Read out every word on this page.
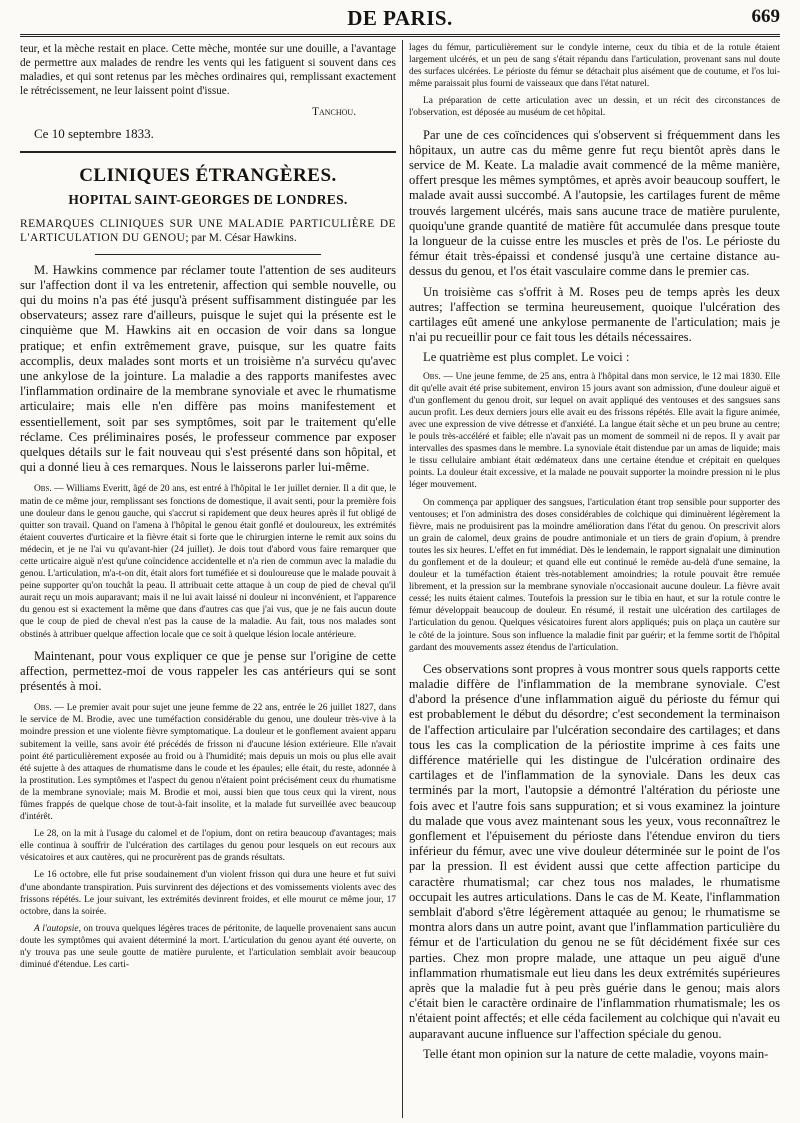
DE PARIS.	669

teur, et la mèche restait en place. Cette mèche, montée sur une douille, a l'avantage de permettre aux malades de rendre les vents qui les fatiguent si souvent dans ces maladies, et qui sont retenus par les mèches ordinaires qui, remplissant exactement le rétrécissement, ne leur laissent point d'issue.

Tanchou.
Ce 10 septembre 1833.
CLINIQUES ÉTRANGÈRES.
HOPITAL SAINT-GEORGES DE LONDRES.

REMARQUES CLINIQUES SUR UNE MALADIE PARTICULIÈRE DE L'ARTICULATION DU GENOU; par M. César Hawkins.

M. Hawkins commence par réclamer toute l'attention de ses auditeurs sur l'affection dont il va les entretenir, affection qui semble nouvelle, ou qui du moins n'a pas été jusqu'à présent suffisamment distinguée par les observateurs; assez rare d'ailleurs, puisque le sujet qui la présente est le cinquième que M. Hawkins ait en occasion de voir dans sa longue pratique; et enfin extrêmement grave, puisque, sur les quatre faits accomplis, deux malades sont morts et un troisième n'a survécu qu'avec une ankylose de la jointure. La maladie a des rapports manifestes avec l'inflammation ordinaire de la membrane synoviale et avec le rhumatisme articulaire; mais elle n'en diffère pas moins manifestement et essentiellement, soit par ses symptômes, soit par le traitement qu'elle réclame. Ces préliminaires posés, le professeur commence par exposer quelques détails sur le fait nouveau qui s'est présenté dans son hôpital, et qui a donné lieu à ces remarques. Nous le laisserons parler lui-même.

Obs. — Williams Everitt, âgé de 20 ans, est entré à l'hôpital le 1er juillet dernier. Il a dit que, le matin de ce même jour, remplissant ses fonctions de domestique, il avait senti, pour la première fois une douleur dans le genou gauche, qui s'accrut si rapidement que deux heures après il fut obligé de quitter son travail. Quand on l'amena à l'hôpital le genou était gonflé et douloureux, les extrémités étaient couvertes d'urticaire et la fièvre était si forte que le chirurgien interne le remit aux soins du médecin, et je ne l'ai vu qu'avant-hier (24 juillet). Je dois tout d'abord vous faire remarquer que cette urticaire aiguë n'est qu'une coïncidence accidentelle et n'a rien de commun avec la maladie du genou. L'articulation, m'a-t-on dit, était alors fort tuméfiée et si douloureuse que le malade pouvait à peine supporter qu'on touchât la peau. Il attribuait cette attaque à un coup de pied de cheval qu'il aurait reçu un mois auparavant; mais il ne lui avait laissé ni douleur ni inconvénient, et l'apparence du genou est si exactement la même que dans d'autres cas que j'ai vus, que je ne fais aucun doute que le coup de pied de cheval n'est pas la cause de la maladie. Au fait, tous nos malades sont obstinés à attribuer quelque affection locale que ce soit à quelque lésion locale antérieure.

Maintenant, pour vous expliquer ce que je pense sur l'origine de cette affection, permettez-moi de vous rappeler les cas antérieurs qui se sont présentés à moi.

Obs. — Le premier avait pour sujet une jeune femme de 22 ans, entrée le 26 juillet 1827, dans le service de M. Brodie, avec une tuméfaction considérable du genou, une douleur très-vive à la moindre pression et une violente fièvre symptomatique. La douleur et le gonflement avaient apparu subitement la veille, sans avoir été précédés de frisson ni d'aucune lésion extérieure. Elle n'avait point été particulièrement exposée au froid ou à l'humidité; mais depuis un mois ou plus elle avait été sujette à des attaques de rhumatisme dans le coude et les épaules; elle était, du reste, adonnée à la prostitution. Les symptômes et l'aspect du genou n'étaient point précisément ceux du rhumatisme de la membrane synoviale; mais M. Brodie et moi, aussi bien que tous ceux qui la virent, nous fûmes frappés de quelque chose de tout-à-fait insolite, et la malade fut surveillée avec beaucoup d'intérêt.

Le 28, on la mit à l'usage du calomel et de l'opium, dont on retira beaucoup d'avantages; mais elle continua à souffrir de l'ulcération des cartilages du genou pour lesquels on eut recours aux vésicatoires et aux cautères, qui ne procurèrent pas de grands résultats.

Le 16 octobre, elle fut prise soudainement d'un violent frisson qui dura une heure et fut suivi d'une abondante transpiration. Puis survinrent des déjections et des vomissements violents avec des frissons répétés. Le jour suivant, les extrémités devinrent froides, et elle mourut ce même jour, 17 octobre, dans la soirée.

A l'autopsie, on trouva quelques légères traces de péritonite, de laquelle provenaient sans aucun doute les symptômes qui avaient déterminé la mort. L'articulation du genou ayant été ouverte, on n'y trouva pas une seule goutte de matière purulente, et l'articulation semblait avoir beaucoup diminué d'étendue. Les carti-

lages du fémur, particulièrement sur le condyle interne, ceux du tibia et de la rotule étaient largement ulcérés, et un peu de sang s'était répandu dans l'articulation, provenant sans nul doute des surfaces ulcérées. Le périoste du fémur se détachait plus aisément que de coutume, et l'os lui-même paraissait plus fourni de vaisseaux que dans l'état naturel.

La préparation de cette articulation avec un dessin, et un récit des circonstances de l'observation, est déposée au muséum de cet hôpital.

Par une de ces coïncidences qui s'observent si fréquemment dans les hôpitaux, un autre cas du même genre fut reçu bientôt après dans le service de M. Keate. La maladie avait commencé de la même manière, offert presque les mêmes symptômes, et après avoir beaucoup souffert, le malade avait aussi succombé. A l'autopsie, les cartilages furent de même trouvés largement ulcérés, mais sans aucune trace de matière purulente, quoiqu'une grande quantité de matière fût accumulée dans presque toute la longueur de la cuisse entre les muscles et près de l'os. Le périoste du fémur était très-épaissi et condensé jusqu'à une certaine distance au-dessus du genou, et l'os était vasculaire comme dans le premier cas.

Un troisième cas s'offrit à M. Roses peu de temps après les deux autres; l'affection se termina heureusement, quoique l'ulcération des cartilages eût amené une ankylose permanente de l'articulation; mais je n'ai pu recueillir pour ce fait tous les détails nécessaires.

Le quatrième est plus complet. Le voici :

Obs. — Une jeune femme, de 25 ans, entra à l'hôpital dans mon service, le 12 mai 1830. Elle dit qu'elle avait été prise subitement, environ 15 jours avant son admission, d'une douleur aiguë et d'un gonflement du genou droit, sur lequel on avait appliqué des ventouses et des sangsues sans aucun profit. Les deux derniers jours elle avait eu des frissons répétés. Elle avait la figure animée, avec une expression de vive détresse et d'anxiété. La langue était sèche et un peu brune au centre; le pouls très-accéléré et faible; elle n'avait pas un moment de sommeil ni de repos. Il y avait par intervalles des spasmes dans le membre. La synoviale était distendue par un amas de liquide; mais le tissu cellulaire ambiant était œdémateux dans une certaine étendue et crépitait en quelques points. La douleur était excessive, et la malade ne pouvait supporter la moindre pression ni le plus léger mouvement.

On commença par appliquer des sangsues, l'articulation étant trop sensible pour supporter des ventouses; et l'on administra des doses considérables de colchique qui diminuèrent légèrement la fièvre, mais ne produisirent pas la moindre amélioration dans l'état du genou. On prescrivit alors un grain de calomel, deux grains de poudre antimoniale et un tiers de grain d'opium, à prendre toutes les six heures. L'effet en fut immédiat. Dès le lendemain, le rapport signalait une diminution du gonflement et de la douleur; et quand elle eut continué le remède au-delà d'une semaine, la douleur et la tuméfaction étaient très-notablement amoindries; la rotule pouvait être remuée librement, et la pression sur la membrane synoviale n'occasionait aucune douleur. La fièvre avait cessé; les nuits étaient calmes. Toutefois la pression sur le tibia en haut, et sur la rotule contre le fémur développait beaucoup de douleur. En résumé, il restait une ulcération des cartilages de l'articulation du genou. Quelques vésicatoires furent alors appliqués; puis on plaça un cautère sur le côté de la jointure. Sous son influence la maladie finit par guérir; et la femme sortit de l'hôpital gardant des mouvements assez étendus de l'articulation.

Ces observations sont propres à vous montrer sous quels rapports cette maladie diffère de l'inflammation de la membrane synoviale. C'est d'abord la présence d'une inflammation aiguë du périoste du fémur qui est probablement le début du désordre; c'est secondement la terminaison de l'affection articulaire par l'ulcération secondaire des cartilages; et dans tous les cas la complication de la périostite imprime à ces faits une différence matérielle qui les distingue de l'ulcération ordinaire des cartilages et de l'inflammation de la synoviale. Dans les deux cas terminés par la mort, l'autopsie a démontré l'altération du périoste une fois avec et l'autre fois sans suppuration; et si vous examinez la jointure du malade que vous avez maintenant sous les yeux, vous reconnaîtrez le gonflement et l'épuisement du périoste dans l'étendue environ du tiers inférieur du fémur, avec une vive douleur déterminée sur le point de l'os par la pression. Il est évident aussi que cette affection participe du caractère rhumatismal; car chez tous nos malades, le rhumatisme occupait les autres articulations. Dans le cas de M. Keate, l'inflammation semblait d'abord s'être légèrement attaquée au genou; le rhumatisme se montra alors dans un autre point, avant que l'inflammation particulière du fémur et de l'articulation du genou ne se fût décidément fixée sur ces parties. Chez mon propre malade, une attaque un peu aiguë d'une inflammation rhumatismale eut lieu dans les deux extrémités supérieures après que la maladie fut à peu près guérie dans le genou; mais alors c'était bien le caractère ordinaire de l'inflammation rhumatismale; les os n'étaient point affectés; et elle céda facilement au colchique qui n'avait eu auparavant aucune influence sur l'affection spéciale du genou.

Telle étant mon opinion sur la nature de cette maladie, voyons main-
